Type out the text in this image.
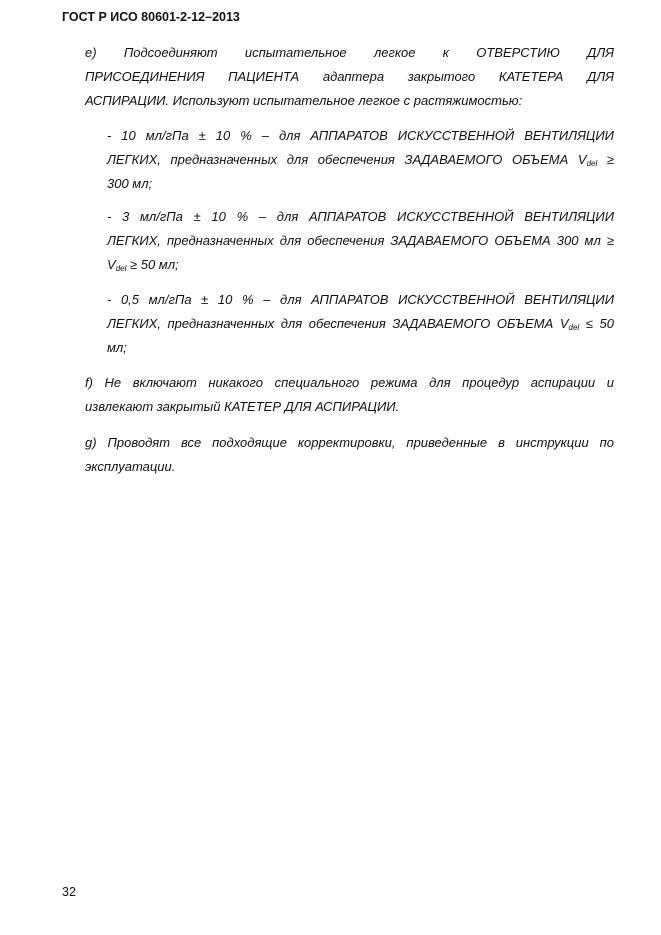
ГОСТ Р ИСО 80601-2-12–2013
e) Подсоединяют испытательное легкое к ОТВЕРСТИЮ ДЛЯ
ПРИСОЕДИНЕНИЯ ПАЦИЕНТА адаптера закрытого КАТЕТЕРА ДЛЯ
АСПИРАЦИИ. Используют испытательное легкое с растяжимостью:
- 10 мл/гПа ± 10 % – для АППАРАТОВ ИСКУССТВЕННОЙ ВЕНТИЛЯЦИИ
ЛЕГКИХ, предназначенных для обеспечения ЗАДАВАЕМОГО ОБЪЕМА $V_{del}$ ≥
300 мл;
- 3 мл/гПа ± 10 % – для АППАРАТОВ ИСКУССТВЕННОЙ ВЕНТИЛЯЦИИ
ЛЕГКИХ, предназначенных для обеспечения ЗАДАВАЕМОГО ОБЪЕМА 300 мл ≥
$V_{del} \ge 50$ мл;
- 0,5 мл/гПа ± 10 % – для АППАРАТОВ ИСКУССТВЕННОЙ ВЕНТИЛЯЦИИ
ЛЕГКИХ, предназначенных для обеспечения ЗАДАВАЕМОГО ОБЪЕМА $V_{del} \le 50$
мл;
f) Не включают никакого специального режима для процедур аспирации и
извлекают закрытый КАТЕТЕР ДЛЯ АСПИРАЦИИ.
g) Проводят все подходящие корректировки, приведенные в инструкции по
эксплуатации.
32
